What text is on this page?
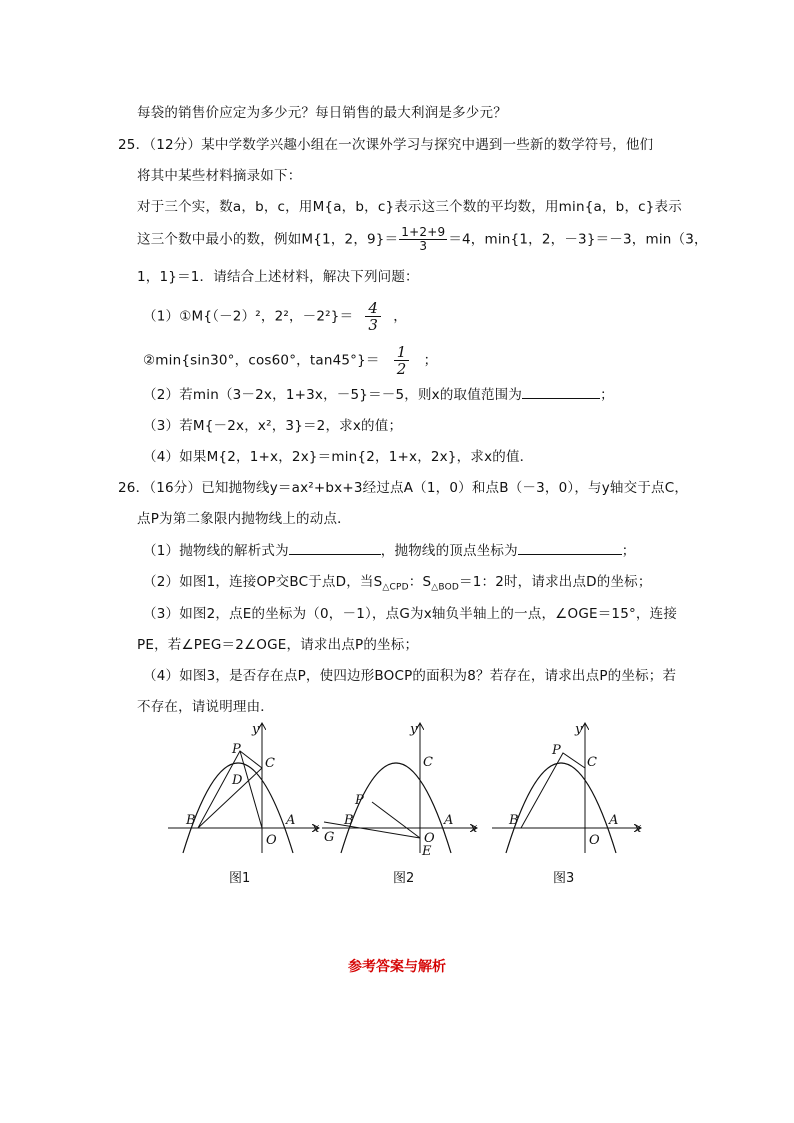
每袋的销售价应定为多少元？每日销售的最大利润是多少元？
25．（12分）某中学数学兴趣小组在一次课外学习与探究中遇到一些新的数学符号，他们
将其中某些材料摘录如下：
对于三个实，数a，b，c，用M{a，b，c}表示这三个数的平均数，用min{a，b，c}表示
这三个数中最小的数，例如M{1，2，$9\}= \frac{1+2+9}{3} =4$，min{1，2，－3}＝－3，min（3，
1，1}＝1．请结合上述材料，解决下列问题：
（1）①M{（－2）²，2²，$-2^2\}= \frac{4}{3}$ ，
②min{sin30°，cos60°，$\tan 45^\circ\}= \frac{1}{2}$ ；
（2）若min（3－2x，1+3x，－5}＝－5，则x的取值范围为	；
（3）若M{－2x，x²，3}＝2，求x的值；
（4）如果M{2，1+x，2x}＝min{2，1+x，2x}，求x的值．
26．（16分）已知抛物线y＝ax²+bx+3经过点A（1，0）和点B（－3，0），与y轴交于点C，
点P为第二象限内抛物线上的动点．
（1）抛物线的解析式为	，抛物线的顶点坐标为	；
（2）如图1，连接OP交BC于点D，当$S_{\triangle CPD}$：$S_{\triangle BOD}=1$：2时，请求出点D的坐标；
（3）如图2，点E的坐标为（0，－1），点G为x轴负半轴上的一点，∠OGE＝15°，连接
PE，若∠PEG＝2∠OGE，请求出点P的坐标；
（4）如图3，是否存在点P，使四边形BOCP的面积为8？若存在，请求出点P的坐标；若
不存在，请说明理由．
y
x
P
C
D
B
O
A
图1
y
x
C
P
B
G	O
A
E
图2
y
x
P
C
B
O
A
图3
参考答案与解析
